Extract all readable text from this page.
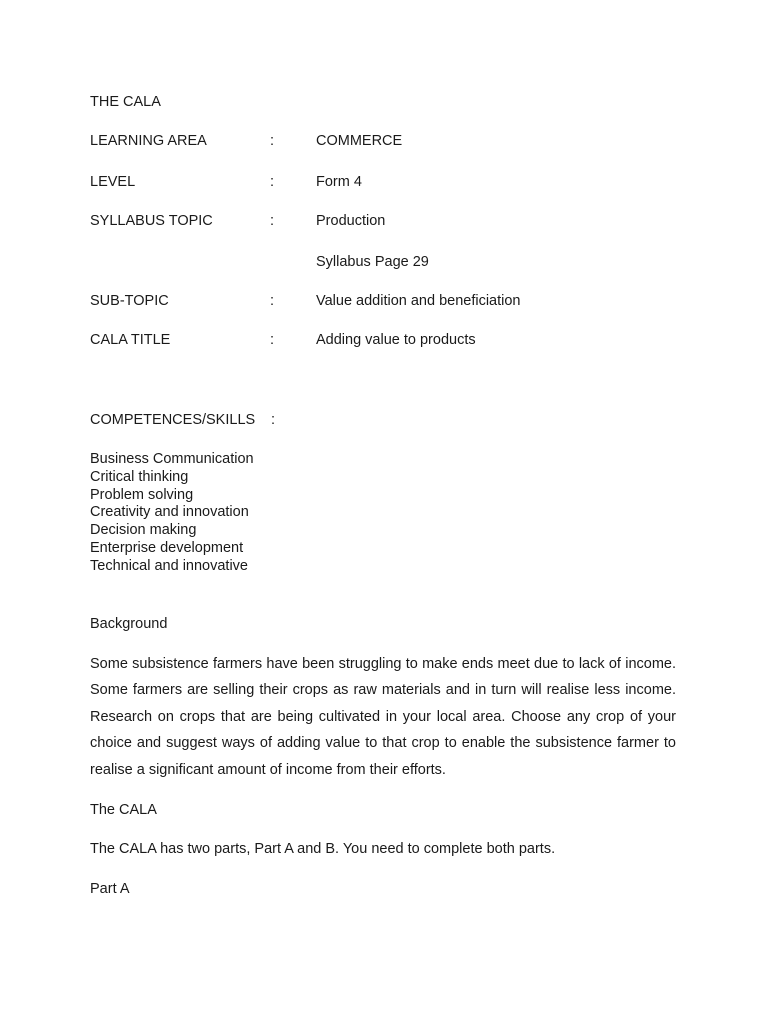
THE CALA
LEARNING AREA	:	COMMERCE
LEVEL	:	Form 4
SYLLABUS TOPIC	:	Production
Syllabus Page 29
SUB-TOPIC	:	Value addition and beneficiation
CALA TITLE	:	Adding value to products
COMPETENCES/SKILLS :
Business Communication
Critical thinking
Problem solving
Creativity and innovation
Decision making
Enterprise development
Technical and innovative
Background

Some subsistence farmers have been struggling to make ends meet due to lack of income. Some farmers are selling their crops as raw materials and in turn will realise less income. Research on crops that are being cultivated in your local area. Choose any crop of your choice and suggest ways of adding value to that crop to enable the subsistence farmer to realise a significant amount of income from their efforts.

The CALA
The CALA has two parts, Part A and B. You need to complete both parts.
Part A
